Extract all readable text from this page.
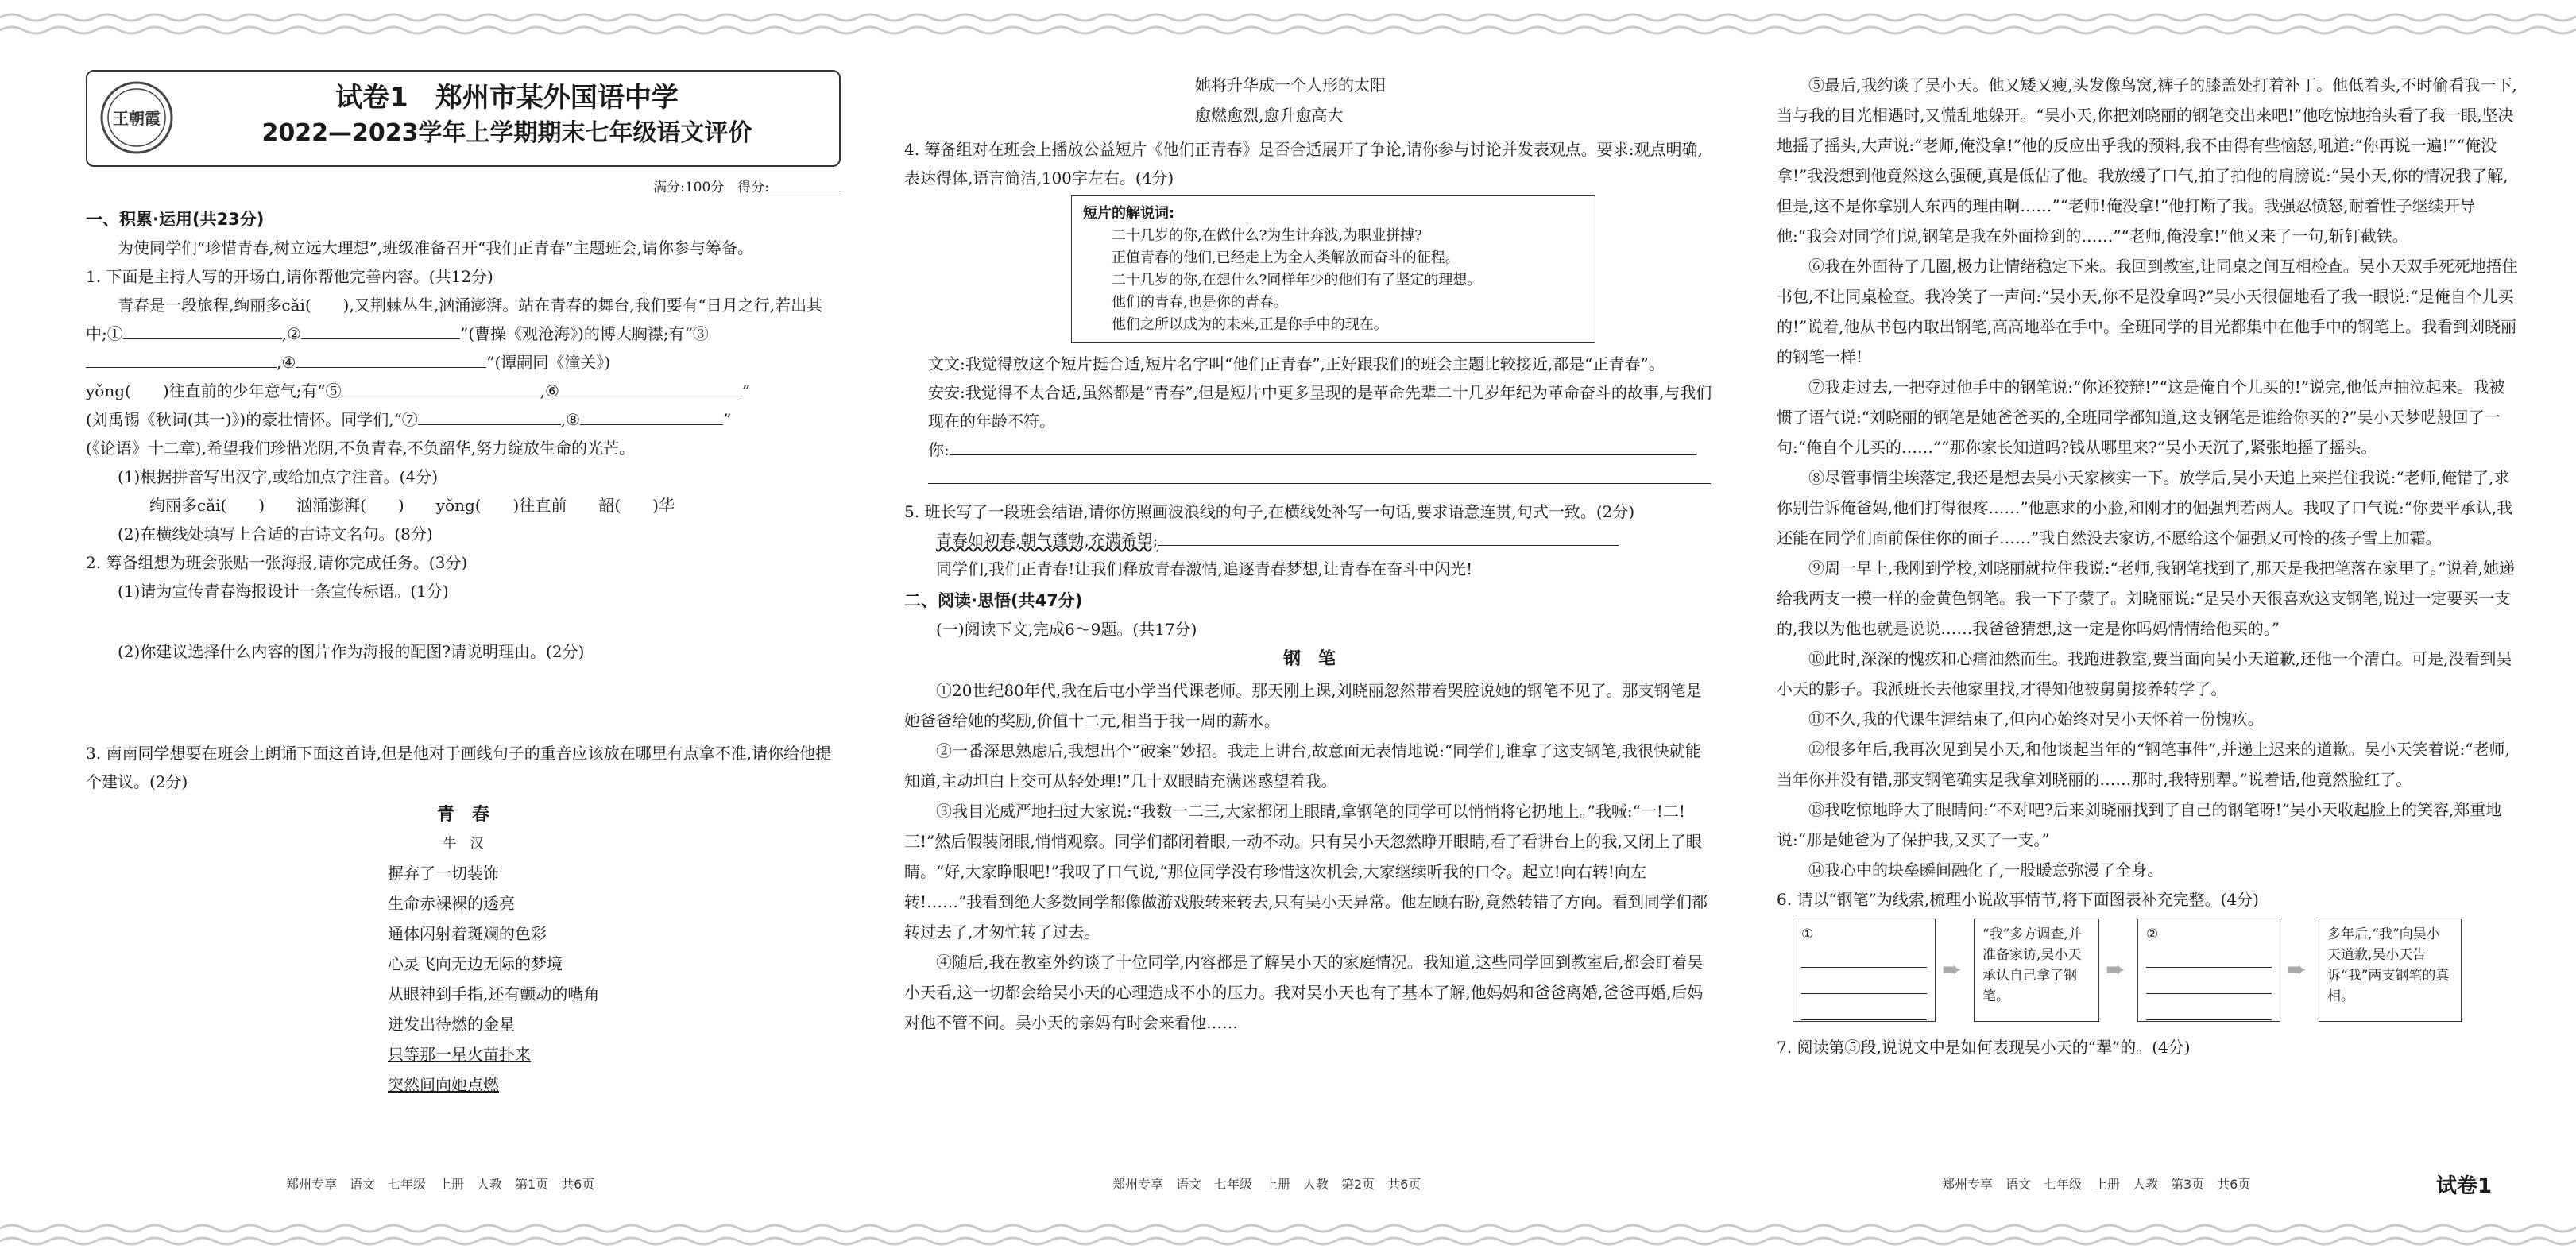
王朝霞
试卷1　 郑州市某外国语中学
2022—2023学年上学期期末七年级语文评价
满分:100分　得分:

一、积累·运用(共23分)

为使同学们“珍惜青春,树立远大理想”,班级准备召开“我们正青春”主题班会,请你参与筹备。

1. 下面是主持人写的开场白,请你帮他完善内容。(共12分)

青春是一段旅程,绚丽多cǎi(　　),又荆棘丛生,汹涌澎湃。站在青春的舞台,我们要有“日月之行,若出其中;①	,②	”(曹操《观沧海》)的博大胸襟;有“③,④	”(谭嗣同《潼关》)

yǒng(　　)往直前的少年意气;有“⑤	,⑥	”

(刘禹锡《秋词(其一)》)的豪壮情怀。同学们,“⑦	,⑧	”

(《论语》十二章),希望我们珍惜光阴,不负青春,不负韶华,努力绽放生命的光芒。

(1)根据拼音写出汉字,或给加点字注音。(4分)

绚丽多cǎi(　　)　　汹涌澎湃(　　)　　yǒng(　　)往直前　　韶(　　)华

(2)在横线处填写上合适的古诗文名句。(8分)

2. 筹备组想为班会张贴一张海报,请你完成任务。(3分)

(1)请为宣传青春海报设计一条宣传标语。(1分)

(2)你建议选择什么内容的图片作为海报的配图?请说明理由。(2分)

3. 南南同学想要在班会上朗诵下面这首诗,但是他对于画线句子的重音应该放在哪里有点拿不准,请你给他提个建议。(2分)

青　春

牛　汉

摒弃了一切装饰

生命赤裸裸的透亮

通体闪射着斑斓的色彩

心灵飞向无边无际的梦境

从眼神到手指,还有颤动的嘴角

迸发出待燃的金星

只等那一星火苗扑来

突然间向她点燃

郑州专享　语文　七年级　上册　人教　第1页　共6页

她将升华成一个人形的太阳

愈燃愈烈,愈升愈高大

4. 筹备组对在班会上播放公益短片《他们正青春》是否合适展开了争论,请你参与讨论并发表观点。要求:观点明确,表达得体,语言简洁,100字左右。(4分)

短片的解说词:

二十几岁的你,在做什么?为生计奔波,为职业拼搏?

正值青春的他们,已经走上为全人类解放而奋斗的征程。

二十几岁的你,在想什么?同样年少的他们有了坚定的理想。

他们的青春,也是你的青春。

他们之所以成为的未来,正是你手中的现在。

文文:我觉得放这个短片挺合适,短片名字叫“他们正青春”,正好跟我们的班会主题比较接近,都是“正青春”。

安安:我觉得不太合适,虽然都是“青春”,但是短片中更多呈现的是革命先辈二十几岁年纪为革命奋斗的故事,与我们现在的年龄不符。

你:

5. 班长写了一段班会结语,请你仿照画波浪线的句子,在横线处补写一句话,要求语意连贯,句式一致。(2分)

青春如初春,朝气蓬勃,充满希望;

同学们,我们正青春!让我们释放青春激情,追逐青春梦想,让青春在奋斗中闪光!

二、阅读·思悟(共47分)

(一)阅读下文,完成6～9题。(共17分)

钢　笔

①20世纪80年代,我在后屯小学当代课老师。那天刚上课,刘晓丽忽然带着哭腔说她的钢笔不见了。那支钢笔是她爸爸给她的奖励,价值十二元,相当于我一周的薪水。

②一番深思熟虑后,我想出个“破案”妙招。我走上讲台,故意面无表情地说:“同学们,谁拿了这支钢笔,我很快就能知道,主动坦白上交可从轻处理!”几十双眼睛充满迷惑望着我。

③我目光威严地扫过大家说:“我数一二三,大家都闭上眼睛,拿钢笔的同学可以悄悄将它扔地上。”我喊:“一!二!三!”然后假装闭眼,悄悄观察。同学们都闭着眼,一动不动。只有吴小天忽然睁开眼睛,看了看讲台上的我,又闭上了眼睛。“好,大家睁眼吧!”我叹了口气说,“那位同学没有珍惜这次机会,大家继续听我的口令。起立!向右转!向左转!……”我看到绝大多数同学都像做游戏般转来转去,只有吴小天异常。他左顾右盼,竟然转错了方向。看到同学们都转过去了,才匆忙转了过去。

④随后,我在教室外约谈了十位同学,内容都是了解吴小天的家庭情况。我知道,这些同学回到教室后,都会盯着吴小天看,这一切都会给吴小天的心理造成不小的压力。我对吴小天也有了基本了解,他妈妈和爸爸离婚,爸爸再婚,后妈对他不管不问。吴小天的亲妈有时会来看他……

郑州专享　语文　七年级　上册　人教　第2页　共6页

⑤最后,我约谈了吴小天。他又矮又瘦,头发像鸟窝,裤子的膝盖处打着补丁。他低着头,不时偷看我一下,当与我的目光相遇时,又慌乱地躲开。“吴小天,你把刘晓丽的钢笔交出来吧!”他吃惊地抬头看了我一眼,坚决地摇了摇头,大声说:“老师,俺没拿!”他的反应出乎我的预料,我不由得有些恼怒,吼道:“你再说一遍!”“俺没拿!”我没想到他竟然这么强硬,真是低估了他。我放缓了口气,拍了拍他的肩膀说:“吴小天,你的情况我了解,但是,这不是你拿别人东西的理由啊……”“老师!俺没拿!”他打断了我。我强忍愤怒,耐着性子继续开导他:“我会对同学们说,钢笔是我在外面捡到的……”“老师,俺没拿!”他又来了一句,斩钉截铁。

⑥我在外面待了几圈,极力让情绪稳定下来。我回到教室,让同桌之间互相检查。吴小天双手死死地捂住书包,不让同桌检查。我冷笑了一声问:“吴小天,你不是没拿吗?”吴小天很倔地看了我一眼说:“是俺自个儿买的!”说着,他从书包内取出钢笔,高高地举在手中。全班同学的目光都集中在他手中的钢笔上。我看到刘晓丽的钢笔一样!

⑦我走过去,一把夺过他手中的钢笔说:“你还狡辩!”“这是俺自个儿买的!”说完,他低声抽泣起来。我被惯了语气说:“刘晓丽的钢笔是她爸爸买的,全班同学都知道,这支钢笔是谁给你买的?”吴小天梦呓般回了一句:“俺自个儿买的……”“那你家长知道吗?钱从哪里来?”吴小天沉了,紧张地摇了摇头。

⑧尽管事情尘埃落定,我还是想去吴小天家核实一下。放学后,吴小天追上来拦住我说:“老师,俺错了,求你别告诉俺爸妈,他们打得很疼……”他惠求的小脸,和刚才的倔强判若两人。我叹了口气说:“你要平承认,我还能在同学们面前保住你的面子……”我自然没去家访,不愿给这个倔强又可怜的孩子雪上加霜。

⑨周一早上,我刚到学校,刘晓丽就拉住我说:“老师,我钢笔找到了,那天是我把笔落在家里了。”说着,她递给我两支一模一样的金黄色钢笔。我一下子蒙了。刘晓丽说:“是吴小天很喜欢这支钢笔,说过一定要买一支的,我以为他也就是说说……我爸爸猜想,这一定是你吗妈情情给他买的。”

⑩此时,深深的愧疚和心痛油然而生。我跑进教室,要当面向吴小天道歉,还他一个清白。可是,没看到吴小天的影子。我派班长去他家里找,才得知他被舅舅接养转学了。

⑪不久,我的代课生涯结束了,但内心始终对吴小天怀着一份愧疚。

⑫很多年后,我再次见到吴小天,和他谈起当年的“钢笔事件”,并递上迟来的道歉。吴小天笑着说:“老师,当年你并没有错,那支钢笔确实是我拿刘晓丽的……那时,我特别犟。”说着话,他竟然脸红了。

⑬我吃惊地睁大了眼睛问:“不对吧?后来刘晓丽找到了自己的钢笔呀!”吴小天收起脸上的笑容,郑重地说:“那是她爸为了保护我,又买了一支。”

⑭我心中的块垒瞬间融化了,一股暖意弥漫了全身。

6. 请以“钢笔”为线索,梳理小说故事情节,将下面图表补充完整。(4分)

①
➨
“我”多方调查,并准备家访,吴小天承认自己拿了钢笔。
➨
②
➨
多年后,“我”向吴小天道歉,吴小天告诉“我”两支钢笔的真相。

7. 阅读第⑤段,说说文中是如何表现吴小天的“犟”的。(4分)

郑州专享　语文　七年级　上册　人教　第3页　共6页	试卷1
